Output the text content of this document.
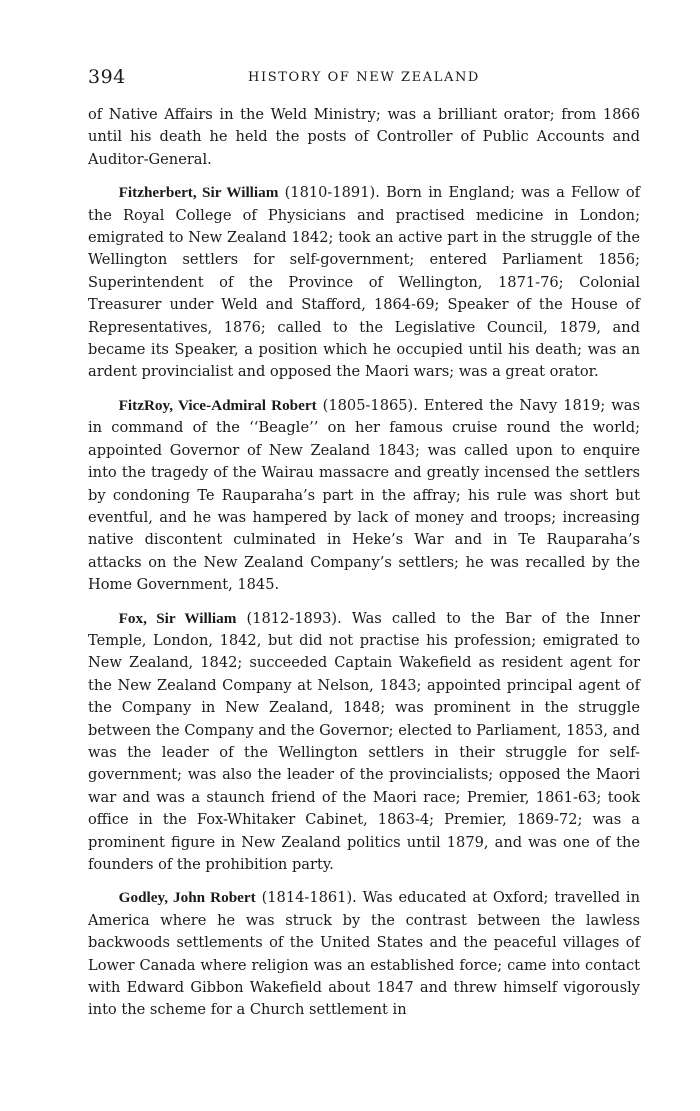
394	HISTORY OF NEW ZEALAND

of Native Affairs in the Weld Ministry; was a brilliant orator; from 1866 until his death he held the posts of Controller of Public Accounts and Auditor-General.

Fitzherbert, Sir William (1810-1891). Born in England; was a Fellow of the Royal College of Physicians and practised medicine in London; emigrated to New Zealand 1842; took an active part in the struggle of the Wellington settlers for self-government; entered Parliament 1856; Superintendent of the Province of Wellington, 1871-76; Colonial Treasurer under Weld and Stafford, 1864-69; Speaker of the House of Representatives, 1876; called to the Legislative Council, 1879, and became its Speaker, a position which he occupied until his death; was an ardent provincialist and opposed the Maori wars; was a great orator.

FitzRoy, Vice-Admiral Robert (1805-1865). Entered the Navy 1819; was in command of the ‘‘Beagle’’ on her famous cruise round the world; appointed Governor of New Zealand 1843; was called upon to enquire into the tragedy of the Wairau massacre and greatly incensed the settlers by condoning Te Rauparaha’s part in the affray; his rule was short but eventful, and he was hampered by lack of money and troops; increasing native discontent culminated in Heke’s War and in Te Rauparaha’s attacks on the New Zealand Company’s settlers; he was recalled by the Home Government, 1845.

Fox, Sir William (1812-1893). Was called to the Bar of the Inner Temple, London, 1842, but did not practise his profession; emigrated to New Zealand, 1842; succeeded Captain Wakefield as resident agent for the New Zealand Company at Nelson, 1843; appointed principal agent of the Company in New Zealand, 1848; was prominent in the struggle between the Company and the Governor; elected to Parliament, 1853, and was the leader of the Wellington settlers in their struggle for self-government; was also the leader of the provincialists; opposed the Maori war and was a staunch friend of the Maori race; Premier, 1861-63; took office in the Fox-Whitaker Cabinet, 1863-4; Premier, 1869-72; was a prominent figure in New Zealand politics until 1879, and was one of the founders of the prohibition party.

Godley, John Robert (1814-1861). Was educated at Oxford; travelled in America where he was struck by the contrast between the lawless backwoods settlements of the United States and the peaceful villages of Lower Canada where religion was an established force; came into contact with Edward Gibbon Wakefield about 1847 and threw himself vigorously into the scheme for a Church settlement in
